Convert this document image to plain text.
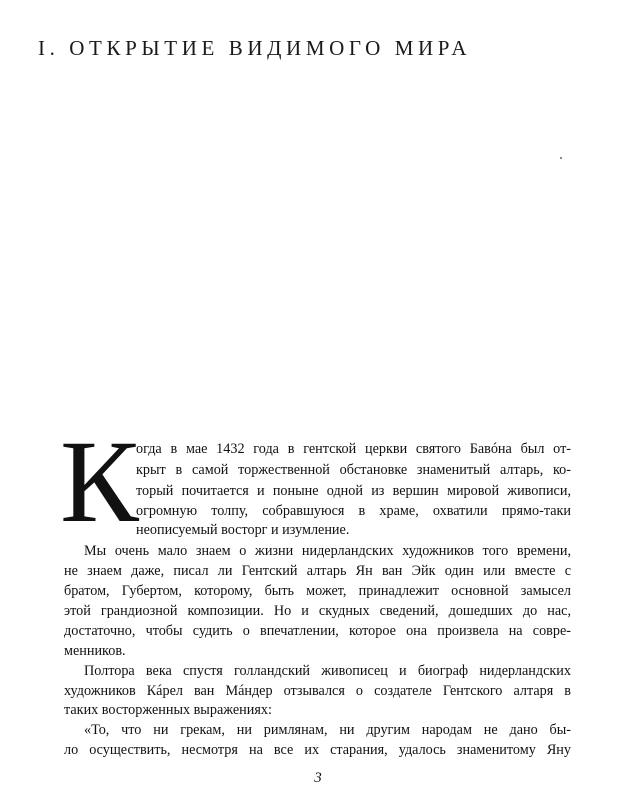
I. ОТКРЫТИЕ ВИДИМОГО МИРА
К
огда в мае 1432 года в гентской церкви святого Бавóна был от-
крыт в самой торжественной обстановке знаменитый алтарь, ко-
торый почитается и поныне одной из вершин мировой живописи,
огромную толпу, собравшуюся в храме, охватили прямо-таки
неописуемый восторг и изумление.
Мы очень мало знаем о жизни нидерландских художников того времени,
не знаем даже, писал ли Гентский алтарь Ян ван Эйк один или вместе с
братом, Губертом, которому, быть может, принадлежит основной замысел
этой грандиозной композиции. Но и скудных сведений, дошедших до нас,
достаточно, чтобы судить о впечатлении, которое она произвела на совре-
менников.
Полтора века спустя голландский живописец и биограф нидерландских
художников Кáрел ван Мáндер отзывался о создателе Гентского алтаря в
таких восторженных выражениях:
«То, что ни грекам, ни римлянам, ни другим народам не дано бы-
ло осуществить, несмотря на все их старания, удалось знаменитому Яну
3
